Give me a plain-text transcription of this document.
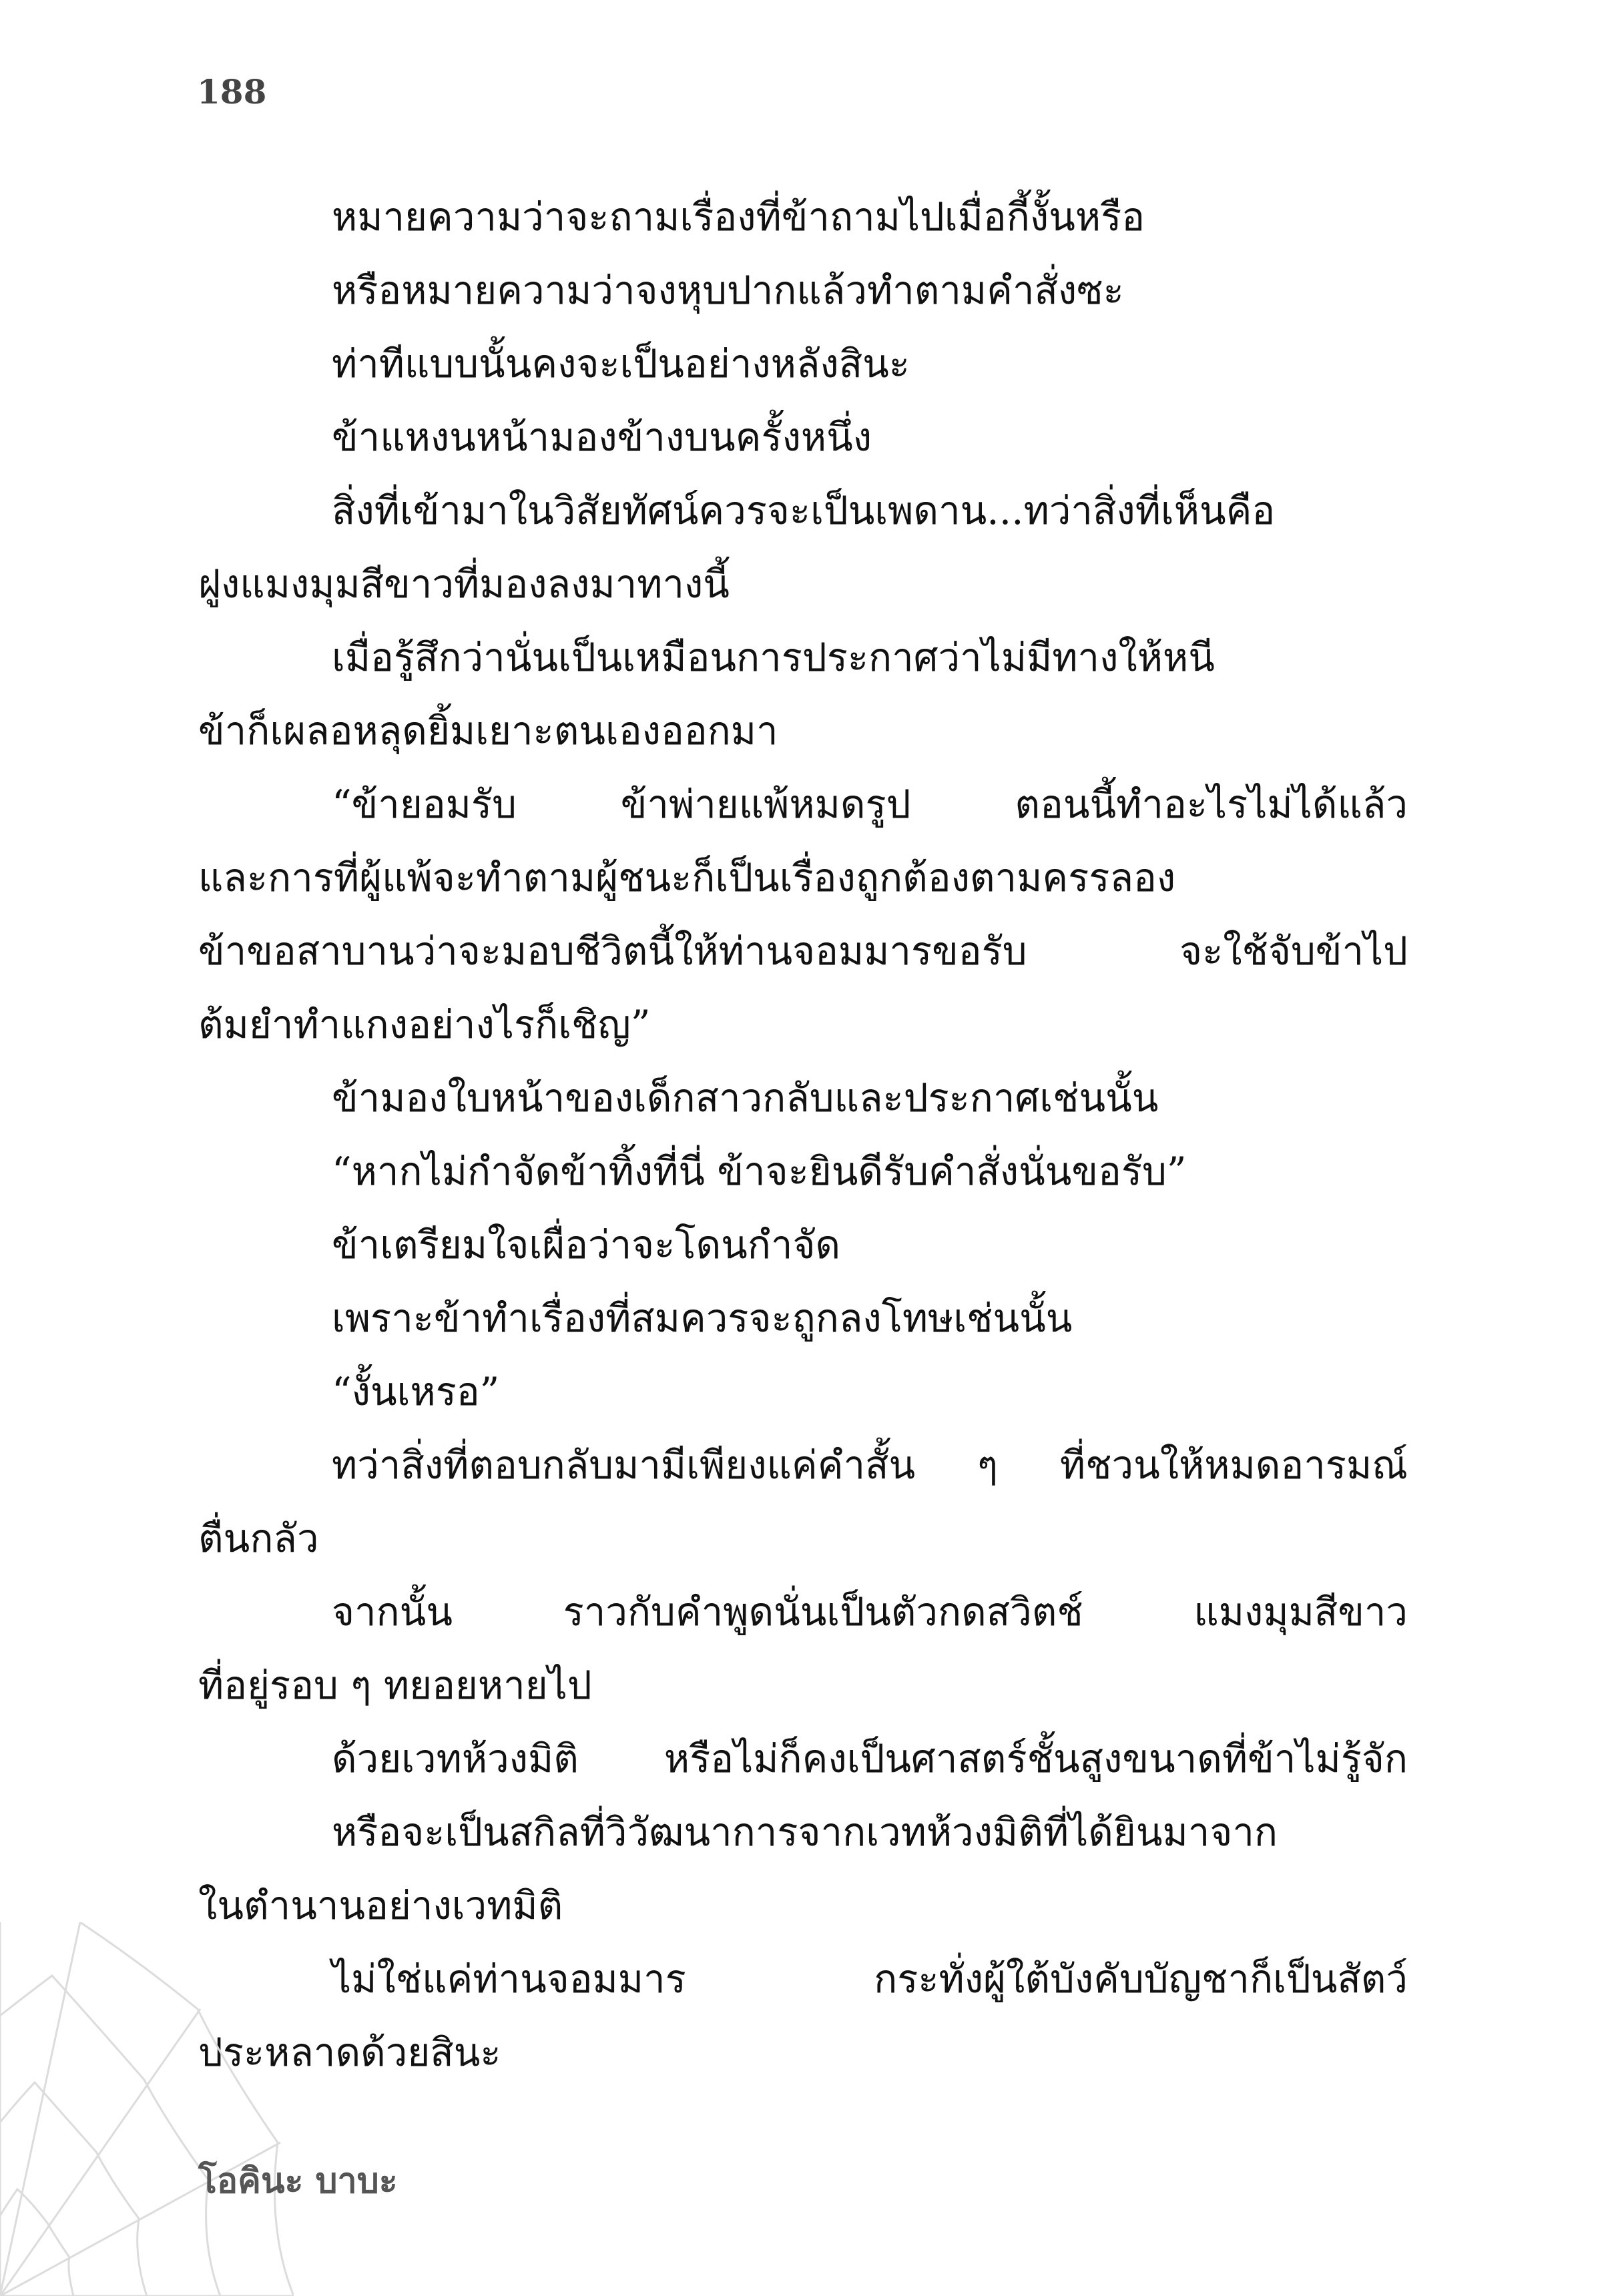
188
หมายความว่าจะถามเรื่องที่ข้าถามไปเมื่อกี้งั้นหรือ
หรือหมายความว่าจงหุบปากแล้วทำตามคำสั่งซะ
ท่าทีแบบนั้นคงจะเป็นอย่างหลังสินะ
ข้าแหงนหน้ามองข้างบนครั้งหนึ่ง
สิ่งที่เข้ามาในวิสัยทัศน์ควรจะเป็นเพดาน...ทว่าสิ่งที่เห็นคือ
ฝูงแมงมุมสีขาวที่มองลงมาทางนี้
เมื่อรู้สึกว่านั่นเป็นเหมือนการประกาศว่าไม่มีทางให้หนี
ข้าก็เผลอหลุดยิ้มเยาะตนเองออกมา
“ข้ายอมรับ ข้าพ่ายแพ้หมดรูป ตอนนี้ทำอะไรไม่ได้แล้ว
และการที่ผู้แพ้จะทำตามผู้ชนะก็เป็นเรื่องถูกต้องตามครรลอง
ข้าขอสาบานว่าจะมอบชีวิตนี้ให้ท่านจอมมารขอรับ จะใช้จับข้าไป
ต้มยำทำแกงอย่างไรก็เชิญ”
ข้ามองใบหน้าของเด็กสาวกลับและประกาศเช่นนั้น
“หากไม่กำจัดข้าทิ้งที่นี่ ข้าจะยินดีรับคำสั่งนั่นขอรับ”
ข้าเตรียมใจเผื่อว่าจะโดนกำจัด
เพราะข้าทำเรื่องที่สมควรจะถูกลงโทษเช่นนั้น
“งั้นเหรอ”
ทว่าสิ่งที่ตอบกลับมามีเพียงแค่คำสั้น ๆ ที่ชวนให้หมดอารมณ์
ตื่นกลัว
จากนั้น ราวกับคำพูดนั่นเป็นตัวกดสวิตช์ แมงมุมสีขาว
ที่อยู่รอบ ๆ ทยอยหายไป
ด้วยเวทห้วงมิติ หรือไม่ก็คงเป็นศาสตร์ชั้นสูงขนาดที่ข้าไม่รู้จัก
หรือจะเป็นสกิลที่วิวัฒนาการจากเวทห้วงมิติที่ได้ยินมาจาก
ในตำนานอย่างเวทมิติ
ไม่ใช่แค่ท่านจอมมาร กระทั่งผู้ใต้บังคับบัญชาก็เป็นสัตว์
ประหลาดด้วยสินะ
โอคินะ บาบะ
